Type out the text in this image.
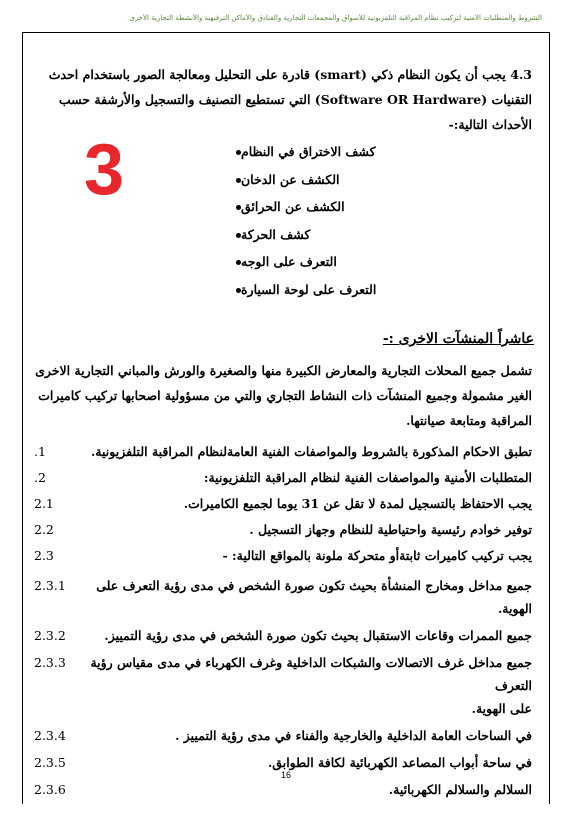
الشروط والمتطلبات الأمنية لتركيب نظام المراقبة التلفزيونية للأسواق والمجمعات التجارية والفنادق والأماكن الترفيهية والأنشطة التجارية الأخرى
4.3 يجب أن يكون النظام ذكي (smart) قادرة على التحليل ومعالجة الصور باستخدام احدث
التقنيات (Software OR Hardware) التي تستطيع التصنيف والتسجيل والأرشفة حسب
الأحداث التالية:-
3	كشف الاختراق في النظام
الكشف عن الدخان
الكشف عن الحرائق
كشف الحركة
التعرف على الوجه
التعرف على لوحة السيارة
عاشراً المنشآت الاخرى :-
تشمل جميع المحلات التجارية والمعارض الكبيرة منها والصغيرة والورش والمباني التجارية الاخرى
الغير مشمولة وجميع المنشآت ذات النشاط التجاري والتي من مسؤولية اصحابها تركيب كاميرات
المراقبة ومتابعة صيانتها.
.1	تطبق الاحكام المذكورة بالشروط والمواصفات الفنية العامةلنظام المراقبة التلفزيونية.
.2	المتطلبات الأمنية والمواصفات الفنية لنظام المراقبة التلفزيونية:
2.1	يجب الاحتفاظ بالتسجيل لمدة لا تقل عن 31 يوما لجميع الكاميرات.
2.2	توفير خوادم رئيسية واحتياطية للنظام وجهاز التسجيل .
2.3	يجب تركيب كاميرات ثابتةأو متحركة ملونة بالمواقع التالية: -
2.3.1	جميع مداخل ومخارج المنشأة بحيث تكون صورة الشخص في مدى رؤية التعرف على الهوية.
2.3.2	جميع الممرات وقاعات الاستقبال بحيث تكون صورة الشخص في مدى رؤية التمييز.
2.3.3	جميع مداخل غرف الاتصالات والشبكات الداخلية وغرف الكهرباء في مدى مقياس رؤية التعرف
على الهوية.
2.3.4	في الساحات العامة الداخلية والخارجية والفناء في مدى رؤية التمييز .
2.3.5	في ساحة أبواب المصاعد الكهربائية لكافة الطوابق.
2.3.6	السلالم والسلالم الكهربائية.
16
